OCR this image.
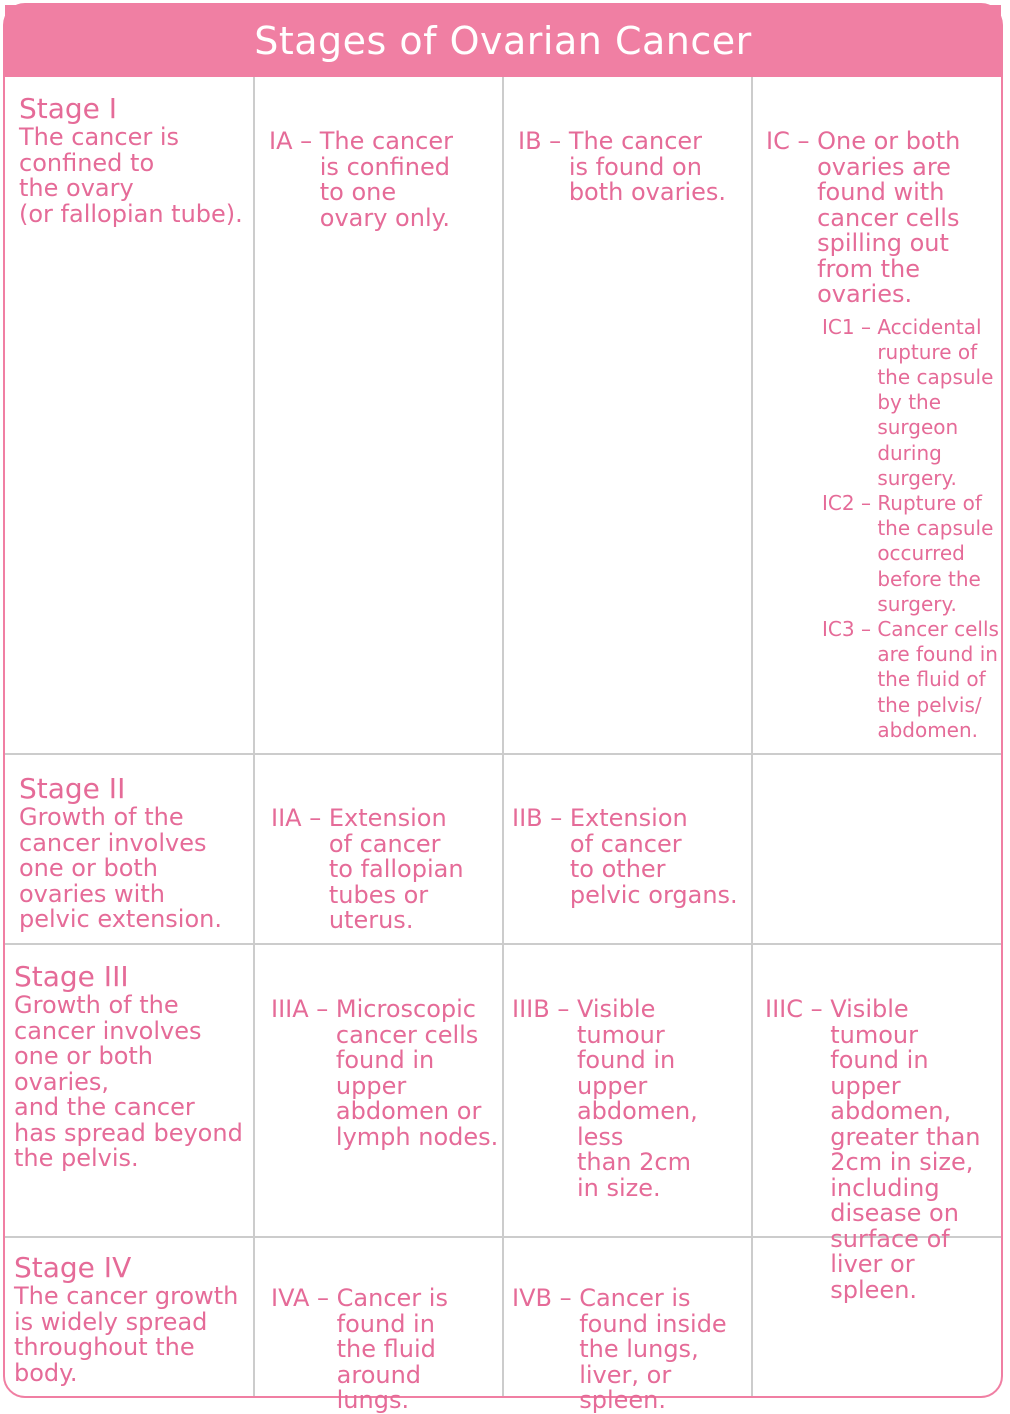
Stages of Ovarian Cancer
Stage I
The cancer is
confined to
the ovary
(or fallopian tube).
IA – The cancer
is confined
to one
ovary only.
IB – The cancer
is found on
both ovaries.
IC – One or both
ovaries are
found with
cancer cells
spilling out
from the
ovaries.
IC1 – Accidental
rupture of
the capsule
by the
surgeon
during
surgery.
IC2 – Rupture of
the capsule
occurred
before the
surgery.
IC3 – Cancer cells
are found in
the fluid of
the pelvis/
abdomen.
Stage II
Growth of the
cancer involves
one or both
ovaries with
pelvic extension.
IIA – Extension
of cancer
to fallopian
tubes or
uterus.
IIB – Extension
of cancer
to other
pelvic organs.
Stage III
Growth of the
cancer involves
one or both ovaries,
and the cancer
has spread beyond
the pelvis.
IIIA – Microscopic
cancer cells
found in
upper
abdomen or
lymph nodes.
IIIB – Visible tumour
found in upper
abdomen, less
than 2cm
in size.
IIIC – Visible tumour
found in upper
abdomen,
greater than
2cm in size,
including
disease on
surface of
liver or spleen.
Stage IV
The cancer growth
is widely spread
throughout the body.
IVA – Cancer is
found in
the fluid
around lungs.
IVB – Cancer is
found inside
the lungs,
liver, or spleen.
